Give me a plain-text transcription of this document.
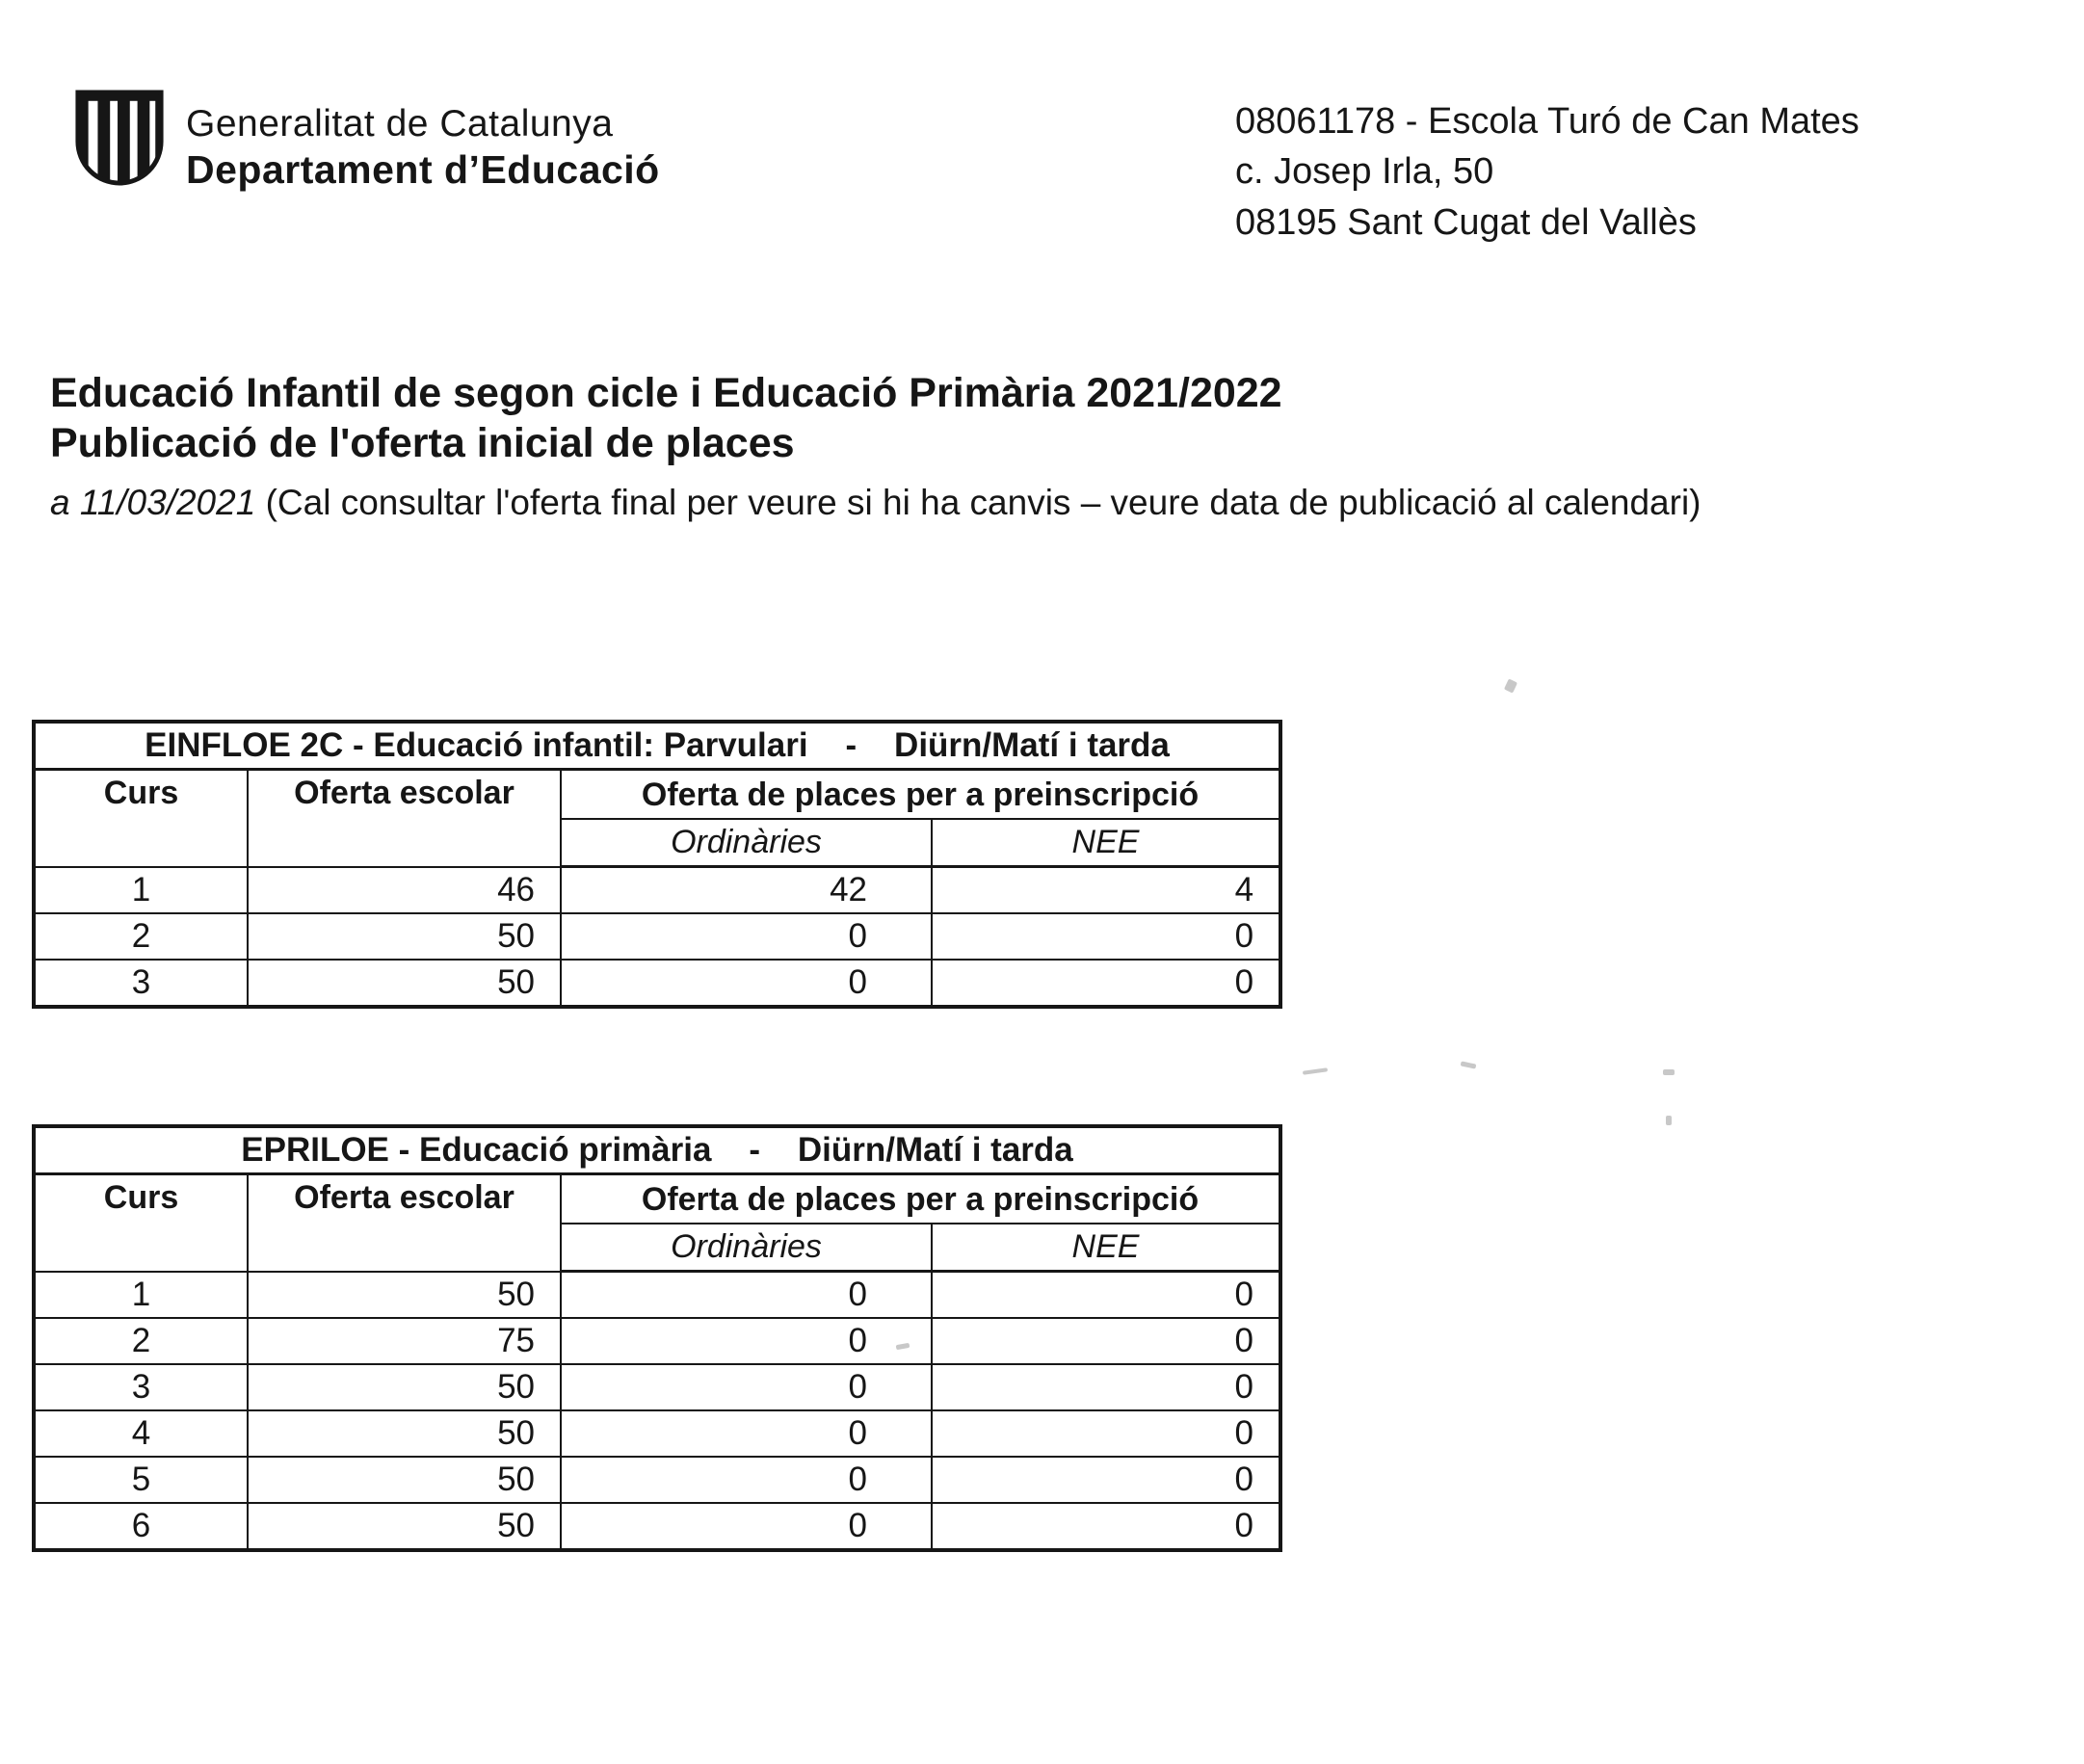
Generalitat de Catalunya
Departament d’Educació
08061178 - Escola Turó de Can Mates
c. Josep Irla, 50
08195 Sant Cugat del Vallès
Educació Infantil de segon cicle i Educació Primària 2021/2022
Publicació de l'oferta inicial de places
a 11/03/2021 (Cal consultar l'oferta final per veure si hi ha canvis – veure data de publicació al calendari)
EINFLOE 2C - Educació infantil: Parvulari    -    Diürn/Matí i tarda			
Curs	Oferta escolar	Oferta de places per a preinscripció	
		Ordinàries	NEE
1	46	42	4
2	50	0	0
3	50	0	0
EPRILOE - Educació primària    -    Diürn/Matí i tarda			
Curs	Oferta escolar	Oferta de places per a preinscripció	
		Ordinàries	NEE
1	50	0	0
2	75	0	0
3	50	0	0
4	50	0	0
5	50	0	0
6	50	0	0
